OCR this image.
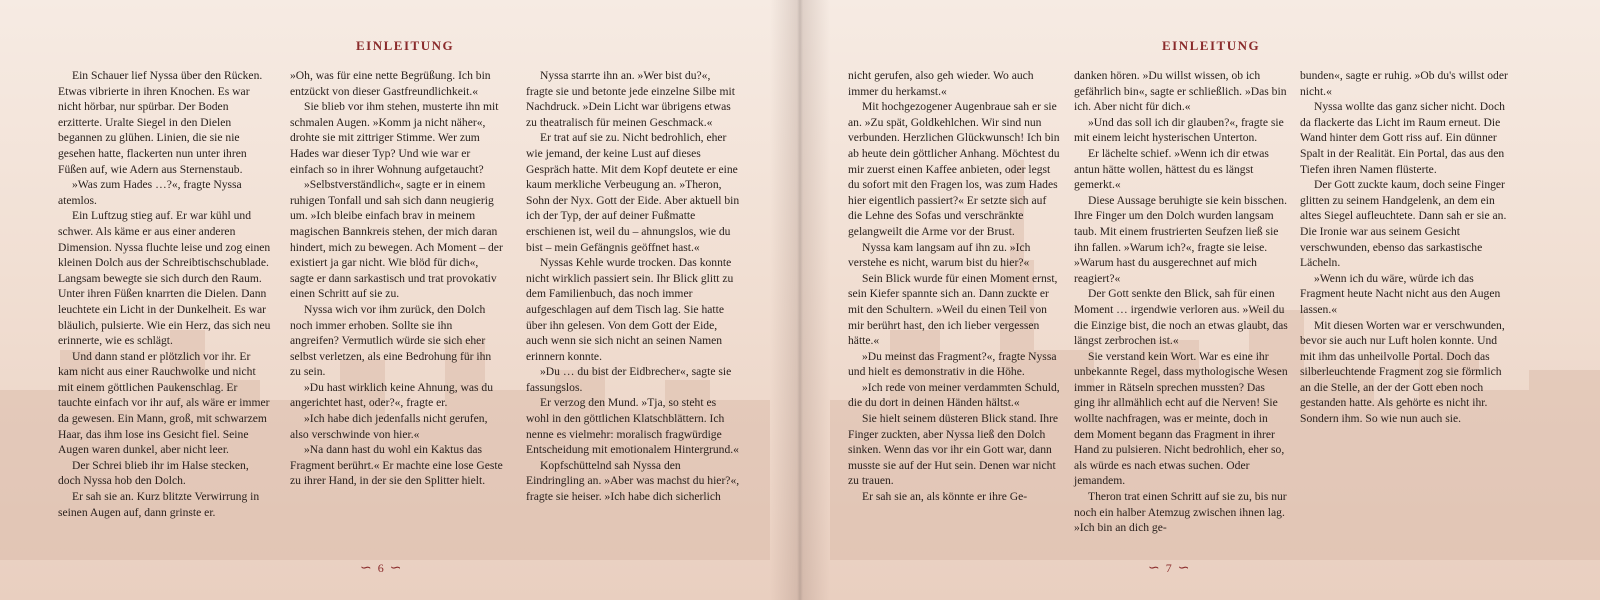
EINLEITUNG

Ein Schauer lief Nyssa über den Rücken. Etwas vibrierte in ihren Knochen. Es war nicht hörbar, nur spürbar. Der Boden erzitterte. Uralte Siegel in den Dielen begannen zu glühen. Linien, die sie nie gesehen hatte, flackerten nun unter ihren Füßen auf, wie Adern aus Sternenstaub.

»Was zum Hades …?«, fragte Nyssa atemlos.

Ein Luftzug stieg auf. Er war kühl und schwer. Als käme er aus einer anderen Dimension. Nyssa fluchte leise und zog einen kleinen Dolch aus der Schreibtischschublade. Langsam bewegte sie sich durch den Raum. Unter ihren Füßen knarrten die Dielen. Dann leuchtete ein Licht in der Dunkelheit. Es war bläulich, pulsierte. Wie ein Herz, das sich neu erinnerte, wie es schlägt.

Und dann stand er plötzlich vor ihr. Er kam nicht aus einer Rauchwolke und nicht mit einem göttlichen Paukenschlag. Er tauchte einfach vor ihr auf, als wäre er immer da gewesen. Ein Mann, groß, mit schwarzem Haar, das ihm lose ins Gesicht fiel. Seine Augen waren dunkel, aber nicht leer.

Der Schrei blieb ihr im Halse stecken, doch Nyssa hob den Dolch.

Er sah sie an. Kurz blitzte Verwirrung in seinen Augen auf, dann grinste er.

»Oh, was für eine nette Begrüßung. Ich bin entzückt von dieser Gastfreundlichkeit.«

Sie blieb vor ihm stehen, musterte ihn mit schmalen Augen. »Komm ja nicht näher«, drohte sie mit zittriger Stimme. Wer zum Hades war dieser Typ? Und wie war er einfach so in ihrer Wohnung aufgetaucht?

»Selbstverständlich«, sagte er in einem ruhigen Tonfall und sah sich dann neugierig um. »Ich bleibe einfach brav in meinem magischen Bannkreis stehen, der mich daran hindert, mich zu bewegen. Ach Moment – der existiert ja gar nicht. Wie blöd für dich«, sagte er dann sarkastisch und trat provokativ einen Schritt auf sie zu.

Nyssa wich vor ihm zurück, den Dolch noch immer erhoben. Sollte sie ihn angreifen? Vermutlich würde sie sich eher selbst verletzen, als eine Bedrohung für ihn zu sein.

»Du hast wirklich keine Ahnung, was du angerichtet hast, oder?«, fragte er.

»Ich habe dich jedenfalls nicht gerufen, also verschwinde von hier.«

»Na dann hast du wohl ein Kaktus das Fragment berührt.« Er machte eine lose Geste zu ihrer Hand, in der sie den Splitter hielt.

Nyssa starrte ihn an. »Wer bist du?«, fragte sie und betonte jede einzelne Silbe mit Nachdruck. »Dein Licht war übrigens etwas zu theatralisch für meinen Geschmack.«

Er trat auf sie zu. Nicht bedrohlich, eher wie jemand, der keine Lust auf dieses Gespräch hatte. Mit dem Kopf deutete er eine kaum merkliche Verbeugung an. »Theron, Sohn der Nyx. Gott der Eide. Aber aktuell bin ich der Typ, der auf deiner Fußmatte erschienen ist, weil du – ahnungslos, wie du bist – mein Gefängnis geöffnet hast.«

Nyssas Kehle wurde trocken. Das konnte nicht wirklich passiert sein. Ihr Blick glitt zu dem Familienbuch, das noch immer aufgeschlagen auf dem Tisch lag. Sie hatte über ihn gelesen. Von dem Gott der Eide, auch wenn sie sich nicht an seinen Namen erinnern konnte.

»Du … du bist der Eidbrecher«, sagte sie fassungslos.

Er verzog den Mund. »Tja, so steht es wohl in den göttlichen Klatschblättern. Ich nenne es vielmehr: moralisch fragwürdige Entscheidung mit emotionalem Hintergrund.«

Kopfschüttelnd sah Nyssa den Eindringling an. »Aber was machst du hier?«, fragte sie heiser. »Ich habe dich sicherlich

∽ 6 ∽
EINLEITUNG

nicht gerufen, also geh wieder. Wo auch immer du herkamst.«

Mit hochgezogener Augenbraue sah er sie an. »Zu spät, Goldkehlchen. Wir sind nun verbunden. Herzlichen Glückwunsch! Ich bin ab heute dein göttlicher Anhang. Möchtest du mir zuerst einen Kaffee anbieten, oder legst du sofort mit den Fragen los, was zum Hades hier eigentlich passiert?« Er setzte sich auf die Lehne des Sofas und verschränkte gelangweilt die Arme vor der Brust.

Nyssa kam langsam auf ihn zu. »Ich verstehe es nicht, warum bist du hier?«

Sein Blick wurde für einen Moment ernst, sein Kiefer spannte sich an. Dann zuckte er mit den Schultern. »Weil du einen Teil von mir berührt hast, den ich lieber vergessen hätte.«

»Du meinst das Fragment?«, fragte Nyssa und hielt es demonstrativ in die Höhe.

»Ich rede von meiner verdammten Schuld, die du dort in deinen Händen hältst.«

Sie hielt seinem düsteren Blick stand. Ihre Finger zuckten, aber Nyssa ließ den Dolch sinken. Wenn das vor ihr ein Gott war, dann musste sie auf der Hut sein. Denen war nicht zu trauen.

Er sah sie an, als könnte er ihre Ge-

danken hören. »Du willst wissen, ob ich gefährlich bin«, sagte er schließlich. »Das bin ich. Aber nicht für dich.«

»Und das soll ich dir glauben?«, fragte sie mit einem leicht hysterischen Unterton.

Er lächelte schief. »Wenn ich dir etwas antun hätte wollen, hättest du es längst gemerkt.«

Diese Aussage beruhigte sie kein bisschen. Ihre Finger um den Dolch wurden langsam taub. Mit einem frustrierten Seufzen ließ sie ihn fallen. »Warum ich?«, fragte sie leise. »Warum hast du ausgerechnet auf mich reagiert?«

Der Gott senkte den Blick, sah für einen Moment … irgendwie verloren aus. »Weil du die Einzige bist, die noch an etwas glaubt, das längst zerbrochen ist.«

Sie verstand kein Wort. War es eine ihr unbekannte Regel, dass mythologische Wesen immer in Rätseln sprechen mussten? Das ging ihr allmählich echt auf die Nerven! Sie wollte nachfragen, was er meinte, doch in dem Moment begann das Fragment in ihrer Hand zu pulsieren. Nicht bedrohlich, eher so, als würde es nach etwas suchen. Oder jemandem.

Theron trat einen Schritt auf sie zu, bis nur noch ein halber Atemzug zwischen ihnen lag. »Ich bin an dich ge-

bunden«, sagte er ruhig. »Ob du's willst oder nicht.«

Nyssa wollte das ganz sicher nicht. Doch da flackerte das Licht im Raum erneut. Die Wand hinter dem Gott riss auf. Ein dünner Spalt in der Realität. Ein Portal, das aus den Tiefen ihren Namen flüsterte.

Der Gott zuckte kaum, doch seine Finger glitten zu seinem Handgelenk, an dem ein altes Siegel aufleuchtete. Dann sah er sie an. Die Ironie war aus seinem Gesicht verschwunden, ebenso das sarkastische Lächeln.

»Wenn ich du wäre, würde ich das Fragment heute Nacht nicht aus den Augen lassen.«

Mit diesen Worten war er verschwunden, bevor sie auch nur Luft holen konnte. Und mit ihm das unheilvolle Portal. Doch das silberleuchtende Fragment zog sie förmlich an die Stelle, an der der Gott eben noch gestanden hatte. Als gehörte es nicht ihr. Sondern ihm. So wie nun auch sie.

∽ 7 ∽
